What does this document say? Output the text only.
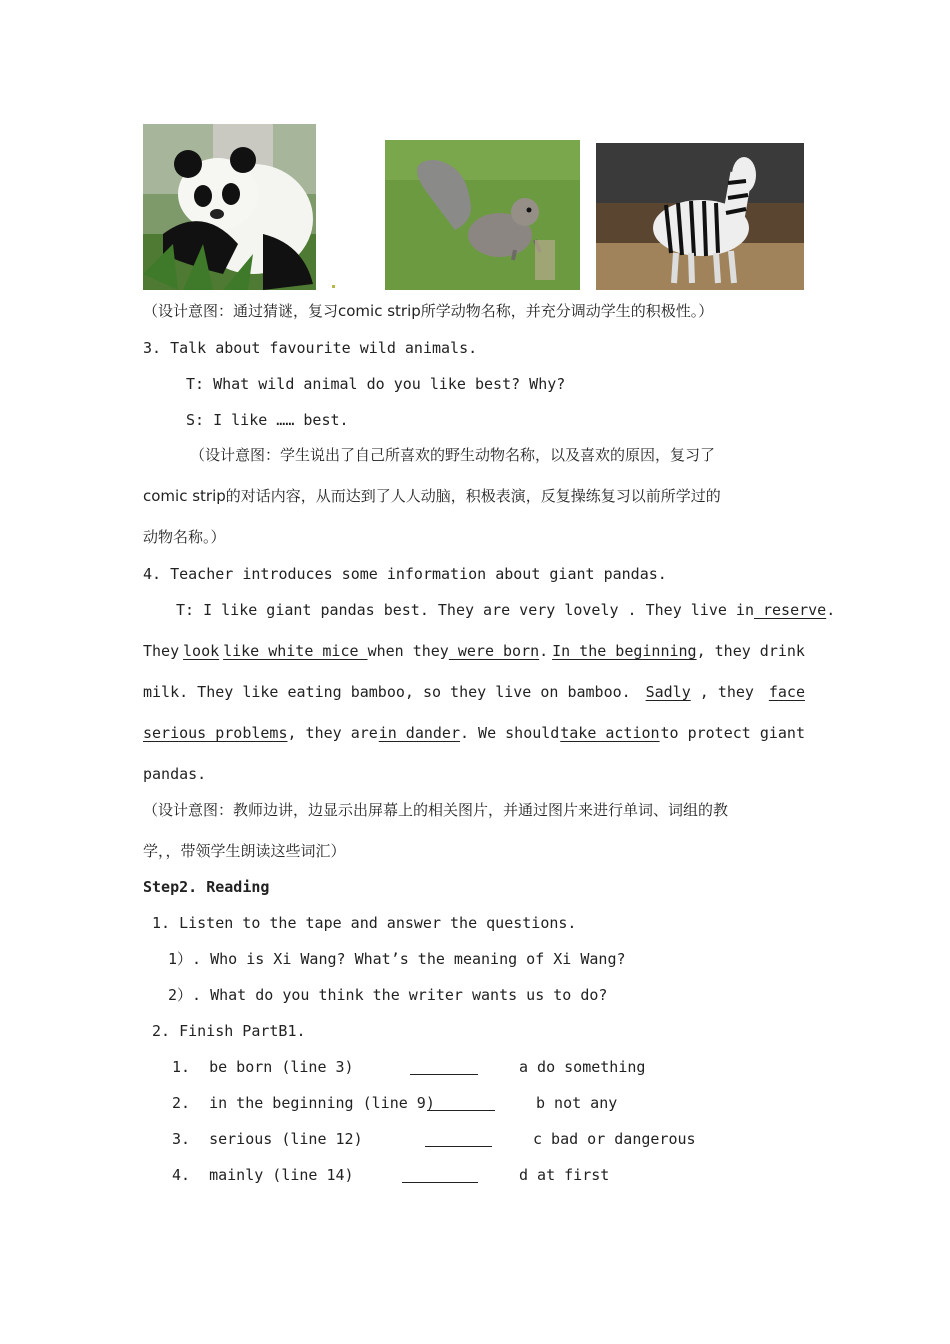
（设计意图：通过猜谜，复习comic strip所学动物名称，并充分调动学生的积极性。）
3. Talk about favourite wild animals.
T: What wild animal do you like best? Why?
S: I like …… best.
（设计意图：学生说出了自己所喜欢的野生动物名称，以及喜欢的原因，复习了
comic strip的对话内容，从而达到了人人动脑，积极表演，反复操练复习以前所学过的
动物名称。）
4. Teacher introduces some information about giant pandas.
T: I like giant pandas best. They are very lovely . They live in reserve.
They look like white mice when they were born. In the beginning, they drink
milk. They like eating bamboo, so they live on bamboo. Sadly , they face
serious problems, they are in dander. We should take action to protect giant
pandas.
（设计意图：教师边讲，边显示出屏幕上的相关图片，并通过图片来进行单词、词组的教
学，，带领学生朗读这些词汇）
Step2. Reading
1. Listen to the tape and answer the questions.
1）. Who is Xi Wang? What’s the meaning of Xi Wang?
2）. What do you think the writer wants us to do?
2. Finish PartB1.
1. be born (line 3)	a do something
2. in the beginning (line 9)	b not any
3. serious (line 12)	c bad or dangerous
4. mainly (line 14)	d at first
